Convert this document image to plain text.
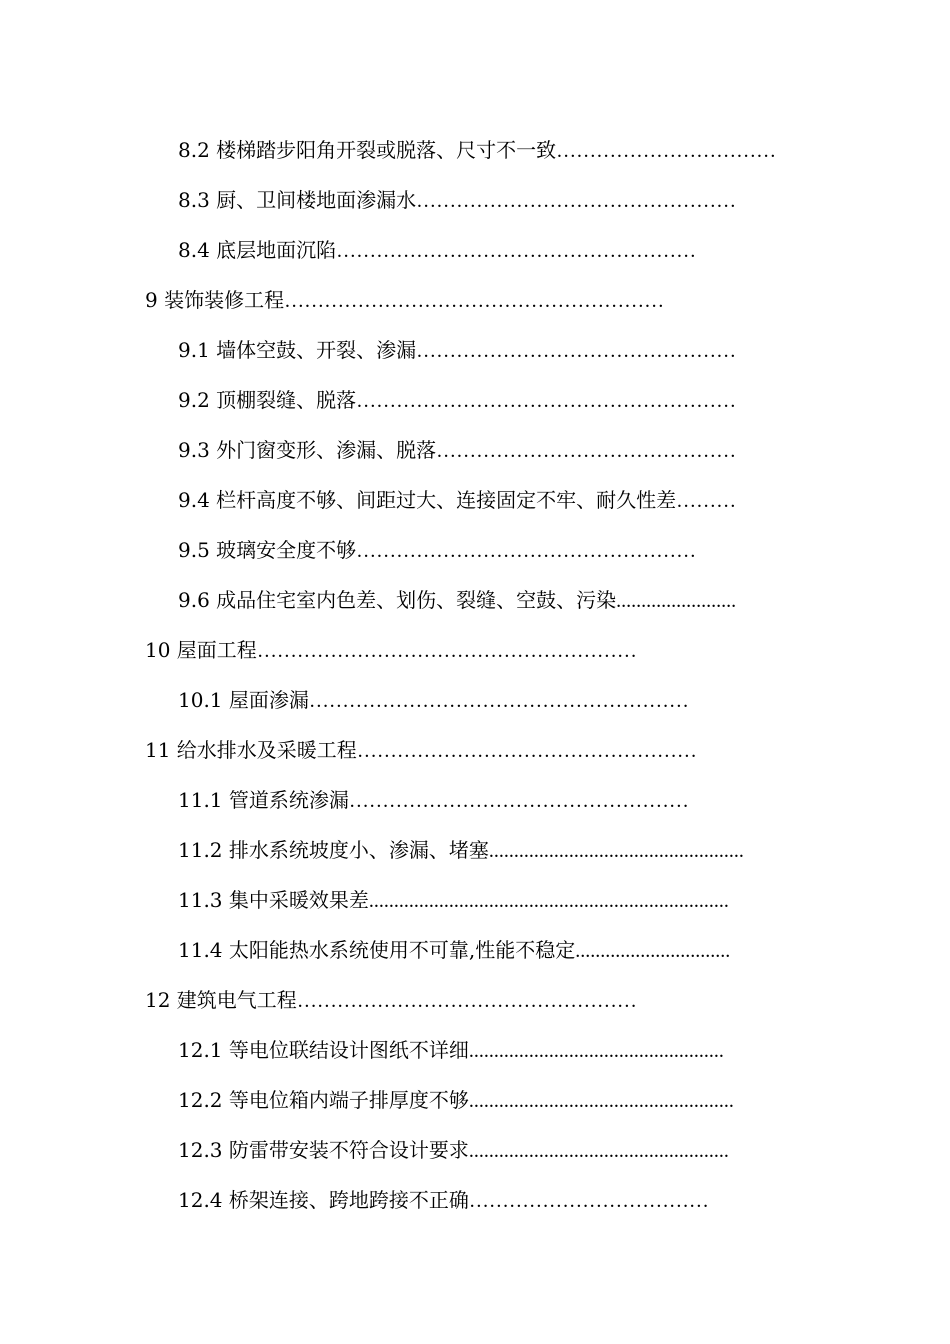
8.2 楼梯踏步阳角开裂或脱落、尺寸不一致……………………………
8.3 厨、卫间楼地面渗漏水…………………………………………
8.4 底层地面沉陷………………………………………………
9 装饰装修工程…………………………………………………
9.1 墙体空鼓、开裂、渗漏…………………………………………
9.2 顶棚裂缝、脱落…………………………………………………
9.3 外门窗变形、渗漏、脱落………………………………………
9.4 栏杆高度不够、间距过大、连接固定不牢、耐久性差………
9.5 玻璃安全度不够……………………………………………
9.6 成品住宅室内色差、划伤、裂缝、空鼓、污染........................
10 屋面工程…………………………………………………
10.1 屋面渗漏…………………………………………………
11 给水排水及采暖工程……………………………………………
11.1 管道系统渗漏……………………………………………
11.2 排水系统坡度小、渗漏、堵塞...................................................
11.3 集中采暖效果差........................................................................
11.4 太阳能热水系统使用不可靠,性能不稳定...............................
12 建筑电气工程……………………………………………
12.1 等电位联结设计图纸不详细...................................................
12.2 等电位箱内端子排厚度不够.....................................................
12.3 防雷带安装不符合设计要求....................................................
12.4 桥架连接、跨地跨接不正确………………………………
